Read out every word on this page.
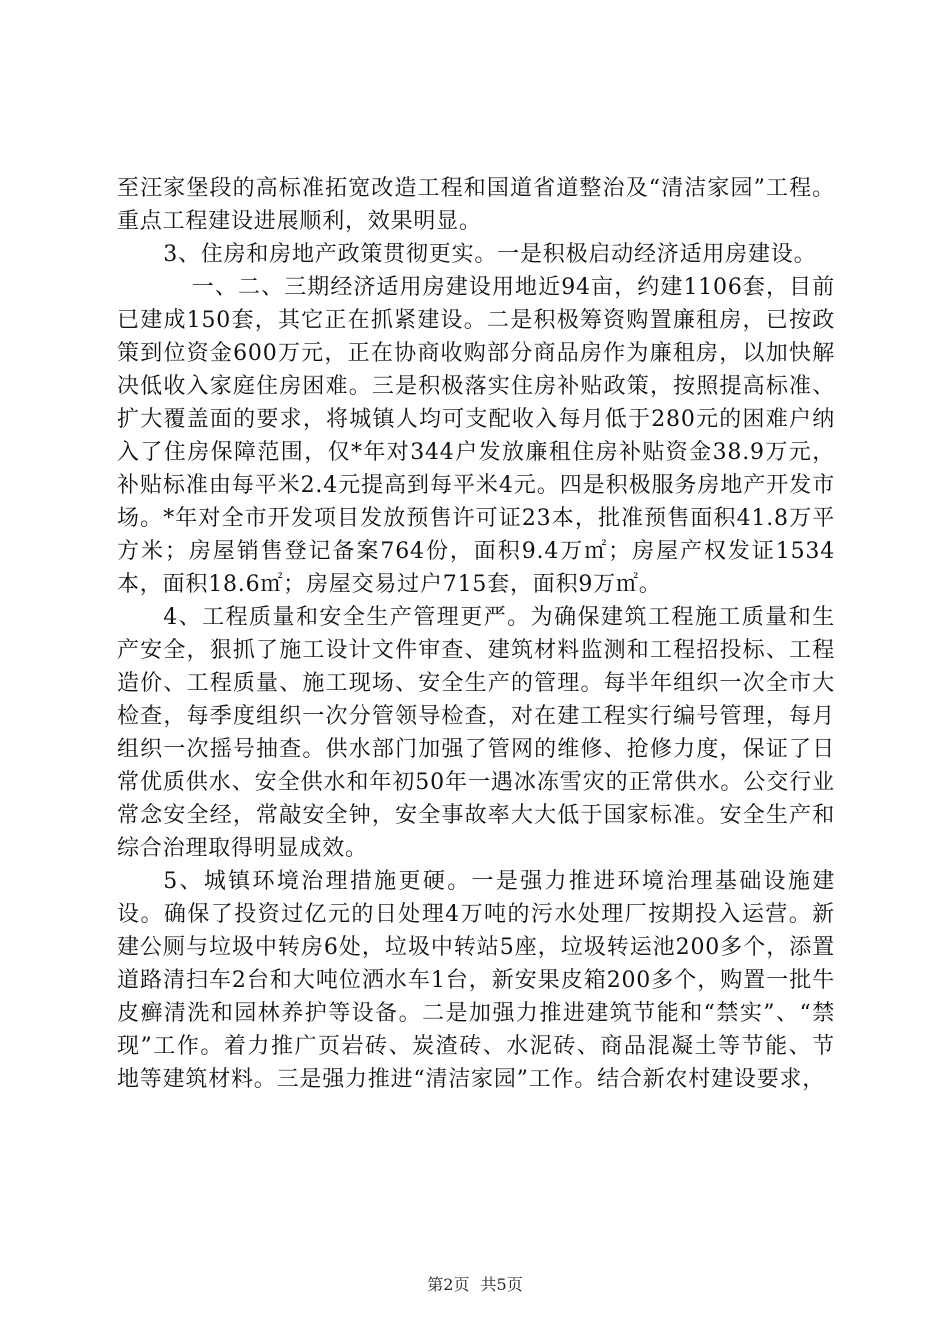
至汪家堡段的高标准拓宽改造工程和国道省道整治及“清洁家园”工程。重点工程建设进展顺利，效果明显。

3、住房和房地产政策贯彻更实。一是积极启动经济适用房建设。

一、二、三期经济适用房建设用地近94亩，约建1106套，目前已建成150套，其它正在抓紧建设。二是积极筹资购置廉租房，已按政策到位资金600万元，正在协商收购部分商品房作为廉租房，以加快解决低收入家庭住房困难。三是积极落实住房补贴政策，按照提高标准、扩大覆盖面的要求，将城镇人均可支配收入每月低于280元的困难户纳入了住房保障范围，仅*年对344户发放廉租住房补贴资金38.9万元，补贴标准由每平米2.4元提高到每平米4元。四是积极服务房地产开发市场。*年对全市开发项目发放预售许可证23本，批准预售面积41.8万平方米；房屋销售登记备案764份，面积9.4万㎡；房屋产权发证1534本，面积18.6㎡；房屋交易过户715套，面积9万㎡。

4、工程质量和安全生产管理更严。为确保建筑工程施工质量和生产安全，狠抓了施工设计文件审查、建筑材料监测和工程招投标、工程造价、工程质量、施工现场、安全生产的管理。每半年组织一次全市大检查，每季度组织一次分管领导检查，对在建工程实行编号管理，每月组织一次摇号抽查。供水部门加强了管网的维修、抢修力度，保证了日常优质供水、安全供水和年初50年一遇冰冻雪灾的正常供水。公交行业常念安全经，常敲安全钟，安全事故率大大低于国家标准。安全生产和综合治理取得明显成效。

5、城镇环境治理措施更硬。一是强力推进环境治理基础设施建设。确保了投资过亿元的日处理4万吨的污水处理厂按期投入运营。新建公厕与垃圾中转房6处，垃圾中转站5座，垃圾转运池200多个，添置道路清扫车2台和大吨位洒水车1台，新安果皮箱200多个，购置一批牛皮癣清洗和园林养护等设备。二是加强力推进建筑节能和“禁实”、“禁现”工作。着力推广页岩砖、炭渣砖、水泥砖、商品混凝土等节能、节地等建筑材料。三是强力推进“清洁家园”工作。结合新农村建设要求，

第2页 共5页
